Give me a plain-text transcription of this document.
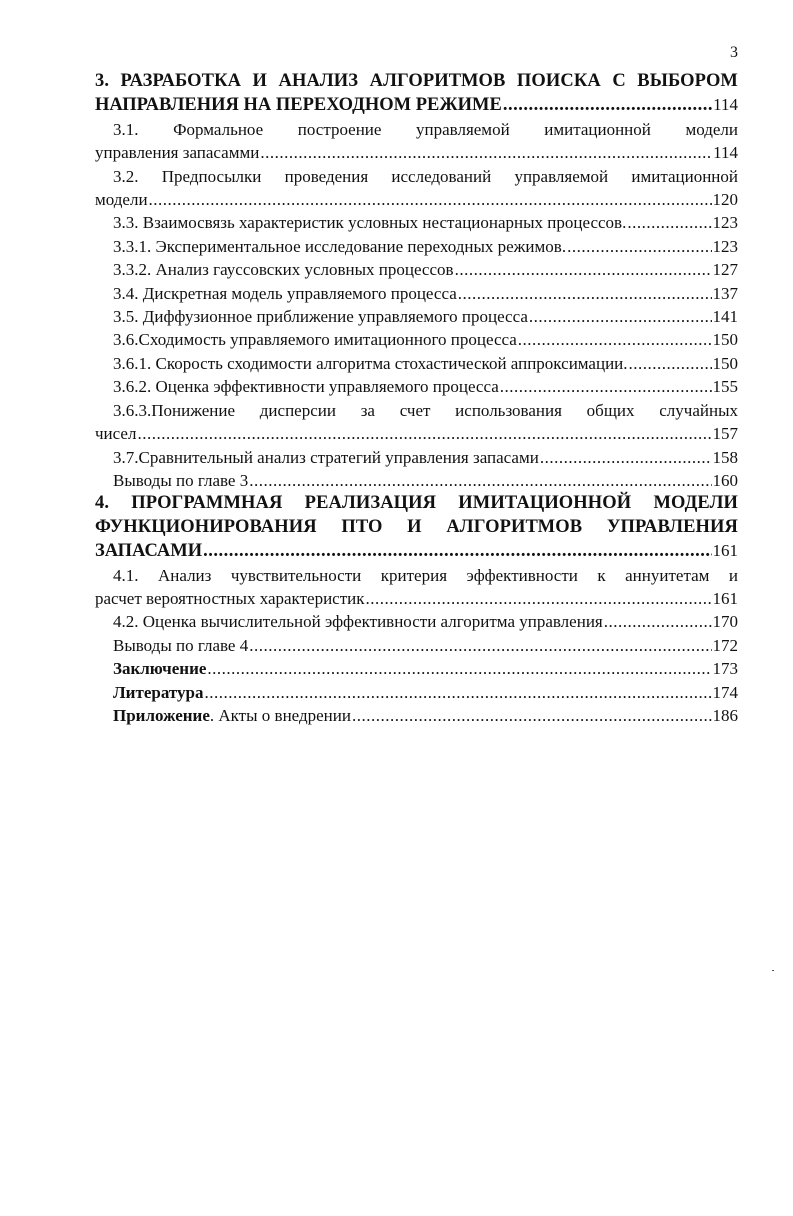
3
3. РАЗРАБОТКА И АНАЛИЗ АЛГОРИТМОВ ПОИСКА С ВЫБОРОМ
НАПРАВЛЕНИЯ НА ПЕРЕХОДНОМ РЕЖИМЕ .....	114
3.1. Формальное построение управляемой имитационной модели
управления запасамми .....	114
3.2. Предпосылки проведения исследований управляемой имитационной
модели .....	120
3.3. Взаимосвязь характеристик условных нестационарных процессов. .....	123
3.3.1. Экспериментальное исследование переходных режимов. .....	123
3.3.2. Анализ гауссовских условных процессов .....	127
3.4. Дискретная модель управляемого процесса .....	137
3.5. Диффузионное приближение управляемого процесса .....	141
3.6.Сходимость управляемого имитационного процесса .....	150
3.6.1. Скорость сходимости алгоритма стохастической аппроксимации. .....	150
3.6.2. Оценка эффективности управляемого процесса .....	155
3.6.3.Понижение дисперсии за счет использования общих случайных
чисел .....	157
3.7.Сравнительный анализ стратегий управления запасами .....	158
Выводы по главе 3 .....	160
4. ПРОГРАММНАЯ РЕАЛИЗАЦИЯ ИМИТАЦИОННОЙ МОДЕЛИ
ФУНКЦИОНИРОВАНИЯ ПТО И АЛГОРИТМОВ УПРАВЛЕНИЯ
ЗАПАСАМИ .....	161
4.1. Анализ чувствительности критерия эффективности к аннуитетам и
расчет вероятностных характеристик .....	161
4.2. Оценка вычислительной эффективности алгоритма управления .....	170
Выводы по главе 4 .....	172
Заключение .....	173
Литература .....	174
Приложение. Акты о внедрении .....	186
